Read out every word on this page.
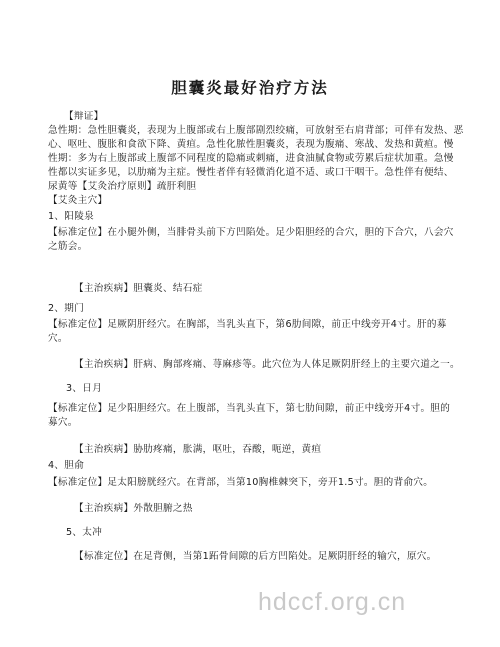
胆囊炎最好治疗方法
【辩证】
急性期：急性胆囊炎，表现为上腹部或右上腹部剧烈绞痛，可放射至右肩背部；可伴有发热、恶
心、呕吐、腹胀和食欲下降、黄疸。急性化脓性胆囊炎，表现为腹痛、寒战、发热和黄疸。慢
性期：多为右上腹部或上腹部不同程度的隐痛或刺痛，进食油腻食物或劳累后症状加重。急慢
性都以实证多见，以肋痛为主症。慢性者伴有轻微消化道不适、或口干咽干。急性伴有便结、
尿黄等【艾灸治疗原则】疏肝利胆
【艾灸主穴】
1、阳陵泉
【标准定位】在小腿外侧，当腓骨头前下方凹陷处。足少阳胆经的合穴，胆的下合穴，八会穴
之筋会。
【主治疾病】胆囊炎、结石症
2、期门
【标准定位】足厥阴肝经穴。在胸部，当乳头直下，第6肋间隙，前正中线旁开4寸。肝的募
穴。
【主治疾病】肝病、胸部疼痛、荨麻疹等。此穴位为人体足厥阴肝经上的主要穴道之一。
3、日月
【标准定位】足少阳胆经穴。在上腹部，当乳头直下，第七肋间隙，前正中线旁开4寸。胆的
募穴。
【主治疾病】胁肋疼痛，胀满，呕吐，吞酸，呃逆，黄疸
4、胆俞
【标准定位】足太阳膀胱经穴。在背部，当第10胸椎棘突下，旁开1.5寸。胆的背俞穴。
【主治疾病】外散胆腑之热
5、太冲
【标准定位】在足背侧，当第1跖骨间隙的后方凹陷处。足厥阴肝经的输穴，原穴。
hdccf.org.cn
